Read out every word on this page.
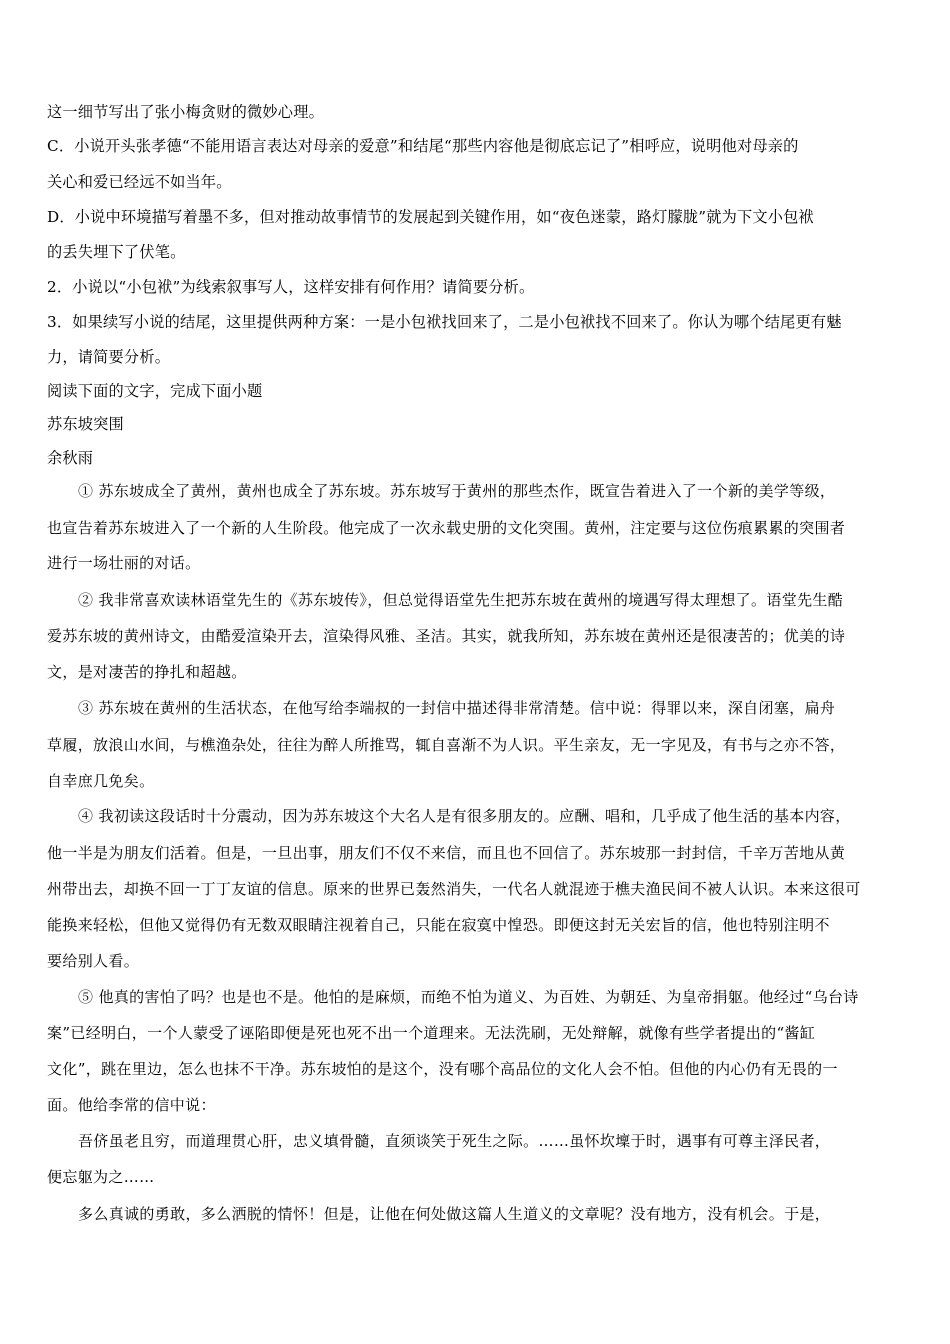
这一细节写出了张小梅贪财的微妙心理。
C．小说开头张孝德“不能用语言表达对母亲的爱意”和结尾“那些内容他是彻底忘记了”相呼应，说明他对母亲的
关心和爱已经远不如当年。
D．小说中环境描写着墨不多，但对推动故事情节的发展起到关键作用，如“夜色迷蒙，路灯朦胧”就为下文小包袱
的丢失埋下了伏笔。
2．小说以“小包袱”为线索叙事写人，这样安排有何作用？请简要分析。
3．如果续写小说的结尾，这里提供两种方案：一是小包袱找回来了，二是小包袱找不回来了。你认为哪个结尾更有魅
力，请简要分析。
阅读下面的文字，完成下面小题
苏东坡突围
余秋雨
① 苏东坡成全了黄州，黄州也成全了苏东坡。苏东坡写于黄州的那些杰作，既宣告着进入了一个新的美学等级，
也宣告着苏东坡进入了一个新的人生阶段。他完成了一次永载史册的文化突围。黄州，注定要与这位伤痕累累的突围者
进行一场壮丽的对话。
② 我非常喜欢读林语堂先生的《苏东坡传》，但总觉得语堂先生把苏东坡在黄州的境遇写得太理想了。语堂先生酷
爱苏东坡的黄州诗文，由酷爱渲染开去，渲染得风雅、圣洁。其实，就我所知，苏东坡在黄州还是很凄苦的；优美的诗
文，是对凄苦的挣扎和超越。
③ 苏东坡在黄州的生活状态，在他写给李端叔的一封信中描述得非常清楚。信中说：得罪以来，深自闭塞，扁舟
草履，放浪山水间，与樵渔杂处，往往为醉人所推骂，辄自喜渐不为人识。平生亲友，无一字见及，有书与之亦不答，
自幸庶几免矣。
④ 我初读这段话时十分震动，因为苏东坡这个大名人是有很多朋友的。应酬、唱和，几乎成了他生活的基本内容，
他一半是为朋友们活着。但是，一旦出事，朋友们不仅不来信，而且也不回信了。苏东坡那一封封信，千辛万苦地从黄
州带出去，却换不回一丁丁友谊的信息。原来的世界已轰然消失，一代名人就混迹于樵夫渔民间不被人认识。本来这很可
能换来轻松，但他又觉得仍有无数双眼睛注视着自己，只能在寂寞中惶恐。即便这封无关宏旨的信，他也特别注明不
要给别人看。
⑤ 他真的害怕了吗？也是也不是。他怕的是麻烦，而绝不怕为道义、为百姓、为朝廷、为皇帝捐躯。他经过“乌台诗
案”已经明白，一个人蒙受了诬陷即便是死也死不出一个道理来。无法洗刷，无处辩解，就像有些学者提出的“酱缸
文化”，跳在里边，怎么也抹不干净。苏东坡怕的是这个，没有哪个高品位的文化人会不怕。但他的内心仍有无畏的一
面。他给李常的信中说：
吾侪虽老且穷，而道理贯心肝，忠义填骨髓，直须谈笑于死生之际。……虽怀坎壈于时，遇事有可尊主泽民者，
便忘躯为之……
多么真诚的勇敢，多么洒脱的情怀！但是，让他在何处做这篇人生道义的文章呢？没有地方，没有机会。于是，
